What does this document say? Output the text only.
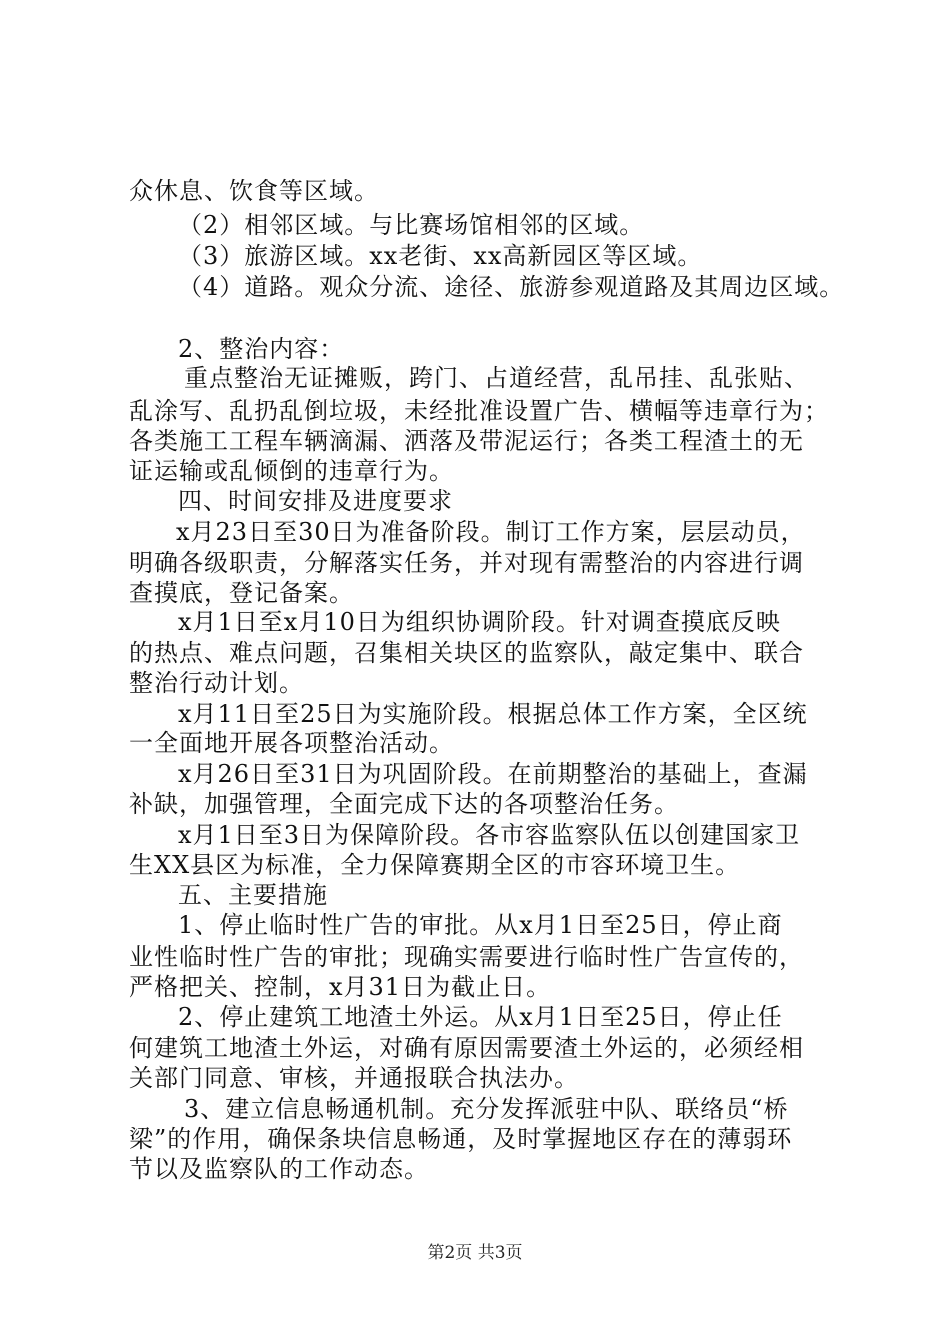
众休息、饮食等区域。
（2）相邻区域。与比赛场馆相邻的区域。
（3）旅游区域。xx老街、xx高新园区等区域。
（4）道路。观众分流、途径、旅游参观道路及其周边区域。
2、整治内容：
重点整治无证摊贩，跨门、占道经营，乱吊挂、乱张贴、
乱涂写、乱扔乱倒垃圾，未经批准设置广告、横幅等违章行为；
各类施工工程车辆滴漏、洒落及带泥运行；各类工程渣土的无
证运输或乱倾倒的违章行为。
四、时间安排及进度要求
x月23日至30日为准备阶段。制订工作方案，层层动员，
明确各级职责，分解落实任务，并对现有需整治的内容进行调
查摸底，登记备案。
x月1日至x月10日为组织协调阶段。针对调查摸底反映
的热点、难点问题，召集相关块区的监察队，敲定集中、联合
整治行动计划。
x月11日至25日为实施阶段。根据总体工作方案，全区统
一全面地开展各项整治活动。
x月26日至31日为巩固阶段。在前期整治的基础上，查漏
补缺，加强管理，全面完成下达的各项整治任务。
x月1日至3日为保障阶段。各市容监察队伍以创建国家卫
生XX县区为标准，全力保障赛期全区的市容环境卫生。
五、主要措施
1、停止临时性广告的审批。从x月1日至25日，停止商
业性临时性广告的审批；现确实需要进行临时性广告宣传的，
严格把关、控制，x月31日为截止日。
2、停止建筑工地渣土外运。从x月1日至25日，停止任
何建筑工地渣土外运，对确有原因需要渣土外运的，必须经相
关部门同意、审核，并通报联合执法办。
3、建立信息畅通机制。充分发挥派驻中队、联络员“桥
梁”的作用，确保条块信息畅通，及时掌握地区存在的薄弱环
节以及监察队的工作动态。
第2页 共3页
